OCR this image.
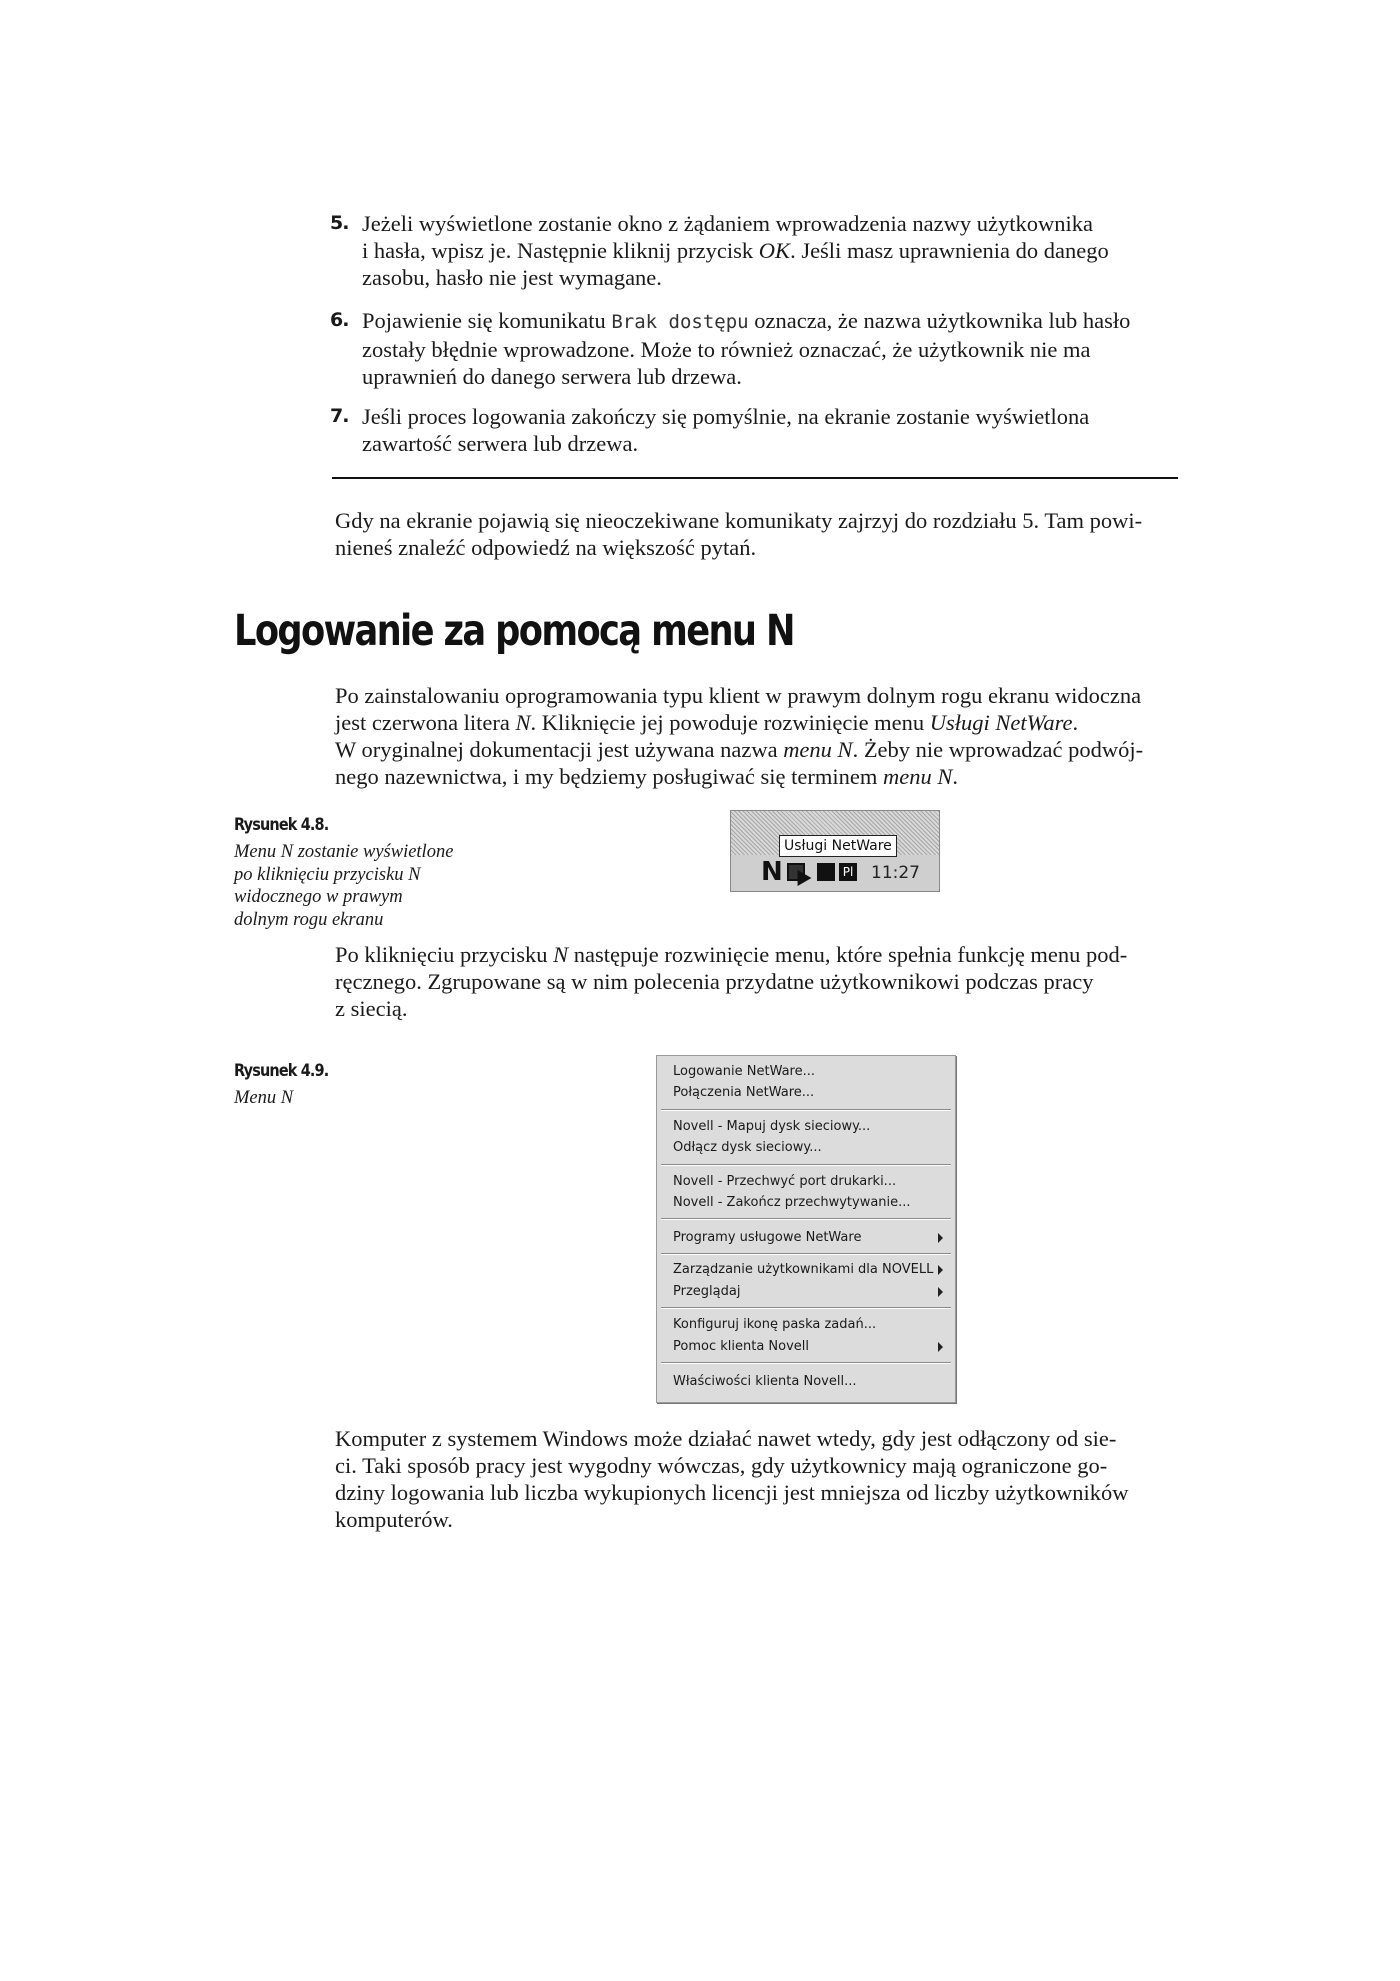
5. Jeżeli wyświetlone zostanie okno z żądaniem wprowadzenia nazwy użytkownika
i hasła, wpisz je. Następnie kliknij przycisk OK. Jeśli masz uprawnienia do danego
zasobu, hasło nie jest wymagane.
6. Pojawienie się komunikatu Brak dostępu oznacza, że nazwa użytkownika lub hasło
zostały błędnie wprowadzone. Może to również oznaczać, że użytkownik nie ma
uprawnień do danego serwera lub drzewa.
7. Jeśli proces logowania zakończy się pomyślnie, na ekranie zostanie wyświetlona
zawartość serwera lub drzewa.
Gdy na ekranie pojawią się nieoczekiwane komunikaty zajrzyj do rozdziału 5. Tam powi-
nieneś znaleźć odpowiedź na większość pytań.
Logowanie za pomocą menu N
Po zainstalowaniu oprogramowania typu klient w prawym dolnym rogu ekranu widoczna
jest czerwona litera N. Kliknięcie jej powoduje rozwinięcie menu Usługi NetWare.
W oryginalnej dokumentacji jest używana nazwa menu N. Żeby nie wprowadzać podwój-
nego nazewnictwa, i my będziemy posługiwać się terminem menu N.
Rysunek 4.8.
Menu N zostanie wyświetlone
po kliknięciu przycisku N
widocznego w prawym
dolnym rogu ekranu
Usługi NetWare
N	Pl 11:27
Po kliknięciu przycisku N następuje rozwinięcie menu, które spełnia funkcję menu pod-
ręcznego. Zgrupowane są w nim polecenia przydatne użytkownikowi podczas pracy
z siecią.
Rysunek 4.9.
Menu N
Logowanie NetWare...
Połączenia NetWare...
Novell - Mapuj dysk sieciowy...
Odłącz dysk sieciowy...
Novell - Przechwyć port drukarki...
Novell - Zakończ przechwytywanie...
Programy usługowe NetWare
Zarządzanie użytkownikami dla NOVELL
Przeglądaj
Konfiguruj ikonę paska zadań...
Pomoc klienta Novell
Właściwości klienta Novell...
Komputer z systemem Windows może działać nawet wtedy, gdy jest odłączony od sie-
ci. Taki sposób pracy jest wygodny wówczas, gdy użytkownicy mają ograniczone go-
dziny logowania lub liczba wykupionych licencji jest mniejsza od liczby użytkowników
komputerów.
